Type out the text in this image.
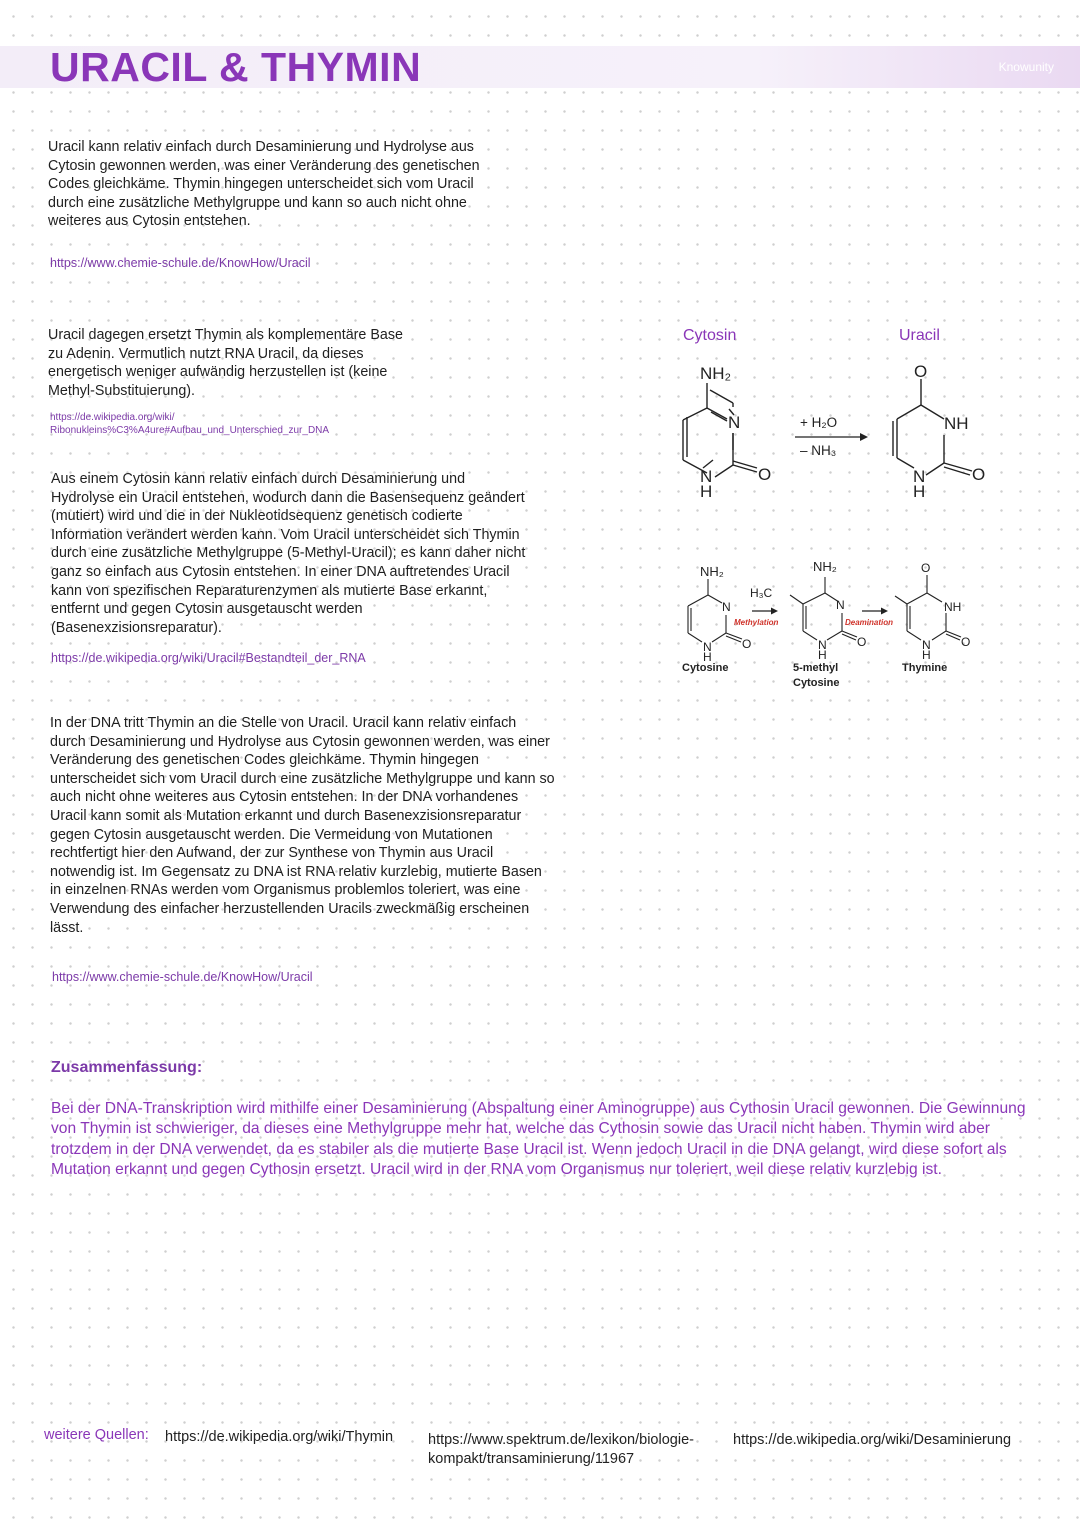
URACIL & THYMIN	Knowunity

Uracil kann relativ einfach durch Desaminierung und Hydrolyse aus Cytosin gewonnen werden, was einer Veränderung des genetischen Codes gleichkäme. Thymin hingegen unterscheidet sich vom Uracil durch eine zusätzliche Methylgruppe und kann so auch nicht ohne weiteres aus Cytosin entstehen.

https://www.chemie-schule.de/KnowHow/Uracil

Uracil dagegen ersetzt Thymin als komplementäre Base zu Adenin. Vermutlich nutzt RNA Uracil, da dieses energetisch weniger aufwändig herzustellen ist (keine Methyl-Substituierung).

https://de.wikipedia.org/wiki/ Ribonukleins%C3%A4ure#Aufbau_und_Unterschied_zur_DNA

Aus einem Cytosin kann relativ einfach durch Desaminierung und Hydrolyse ein Uracil entstehen, wodurch dann die Basensequenz geändert (mutiert) wird und die in der Nukleotidsequenz genetisch codierte Information verändert werden kann. Vom Uracil unterscheidet sich Thymin durch eine zusätzliche Methylgruppe (5-Methyl-Uracil); es kann daher nicht ganz so einfach aus Cytosin entstehen. In einer DNA auftretendes Uracil kann von spezifischen Reparaturenzymen als mutierte Base erkannt, entfernt und gegen Cytosin ausgetauscht werden (Basenexzisionsreparatur).

https://de.wikipedia.org/wiki/Uracil#Bestandteil_der_RNA

In der DNA tritt Thymin an die Stelle von Uracil. Uracil kann relativ einfach durch Desaminierung und Hydrolyse aus Cytosin gewonnen werden, was einer Veränderung des genetischen Codes gleichkäme. Thymin hingegen unterscheidet sich vom Uracil durch eine zusätzliche Methylgruppe und kann so auch nicht ohne weiteres aus Cytosin entstehen. In der DNA vorhandenes Uracil kann somit als Mutation erkannt und durch Basenexzisionsreparatur gegen Cytosin ausgetauscht werden. Die Vermeidung von Mutationen rechtfertigt hier den Aufwand, der zur Synthese von Thymin aus Uracil notwendig ist. Im Gegensatz zu DNA ist RNA relativ kurzlebig, mutierte Basen in einzelnen RNAs werden vom Organismus problemlos toleriert, was eine Verwendung des einfacher herzustellenden Uracils zweckmäßig erscheinen lässt.

https://www.chemie-schule.de/KnowHow/Uracil

Cytosin	Uracil
NH₂
N
N
H
O
+ H₂O
– NH₃
O
NH
N
H
O
NH₂
N
N
H
O
Cytosine
Methylation
NH₂
H₃C
N
N
H
O
5-methyl
Cytosine
Deamination
O
NH
N
H
O
Thymine
Zusammenfassung:

Bei der DNA-Transkription wird mithilfe einer Desaminierung (Abspaltung einer Aminogruppe) aus Cythosin Uracil gewonnen. Die Gewinnung von Thymin ist schwieriger, da dieses eine Methylgruppe mehr hat, welche das Cythosin sowie das Uracil nicht haben. Thymin wird aber trotzdem in der DNA verwendet, da es stabiler als die mutierte Base Uracil ist. Wenn jedoch Uracil in die DNA gelangt, wird diese sofort als Mutation erkannt und gegen Cythosin ersetzt. Uracil wird in der RNA vom Organismus nur toleriert, weil diese relativ kurzlebig ist.

weitere Quellen: https://de.wikipedia.org/wiki/Thymin https://www.spektrum.de/lexikon/biologie-kompakt/transaminierung/11967
https://de.wikipedia.org/wiki/Desaminierung
